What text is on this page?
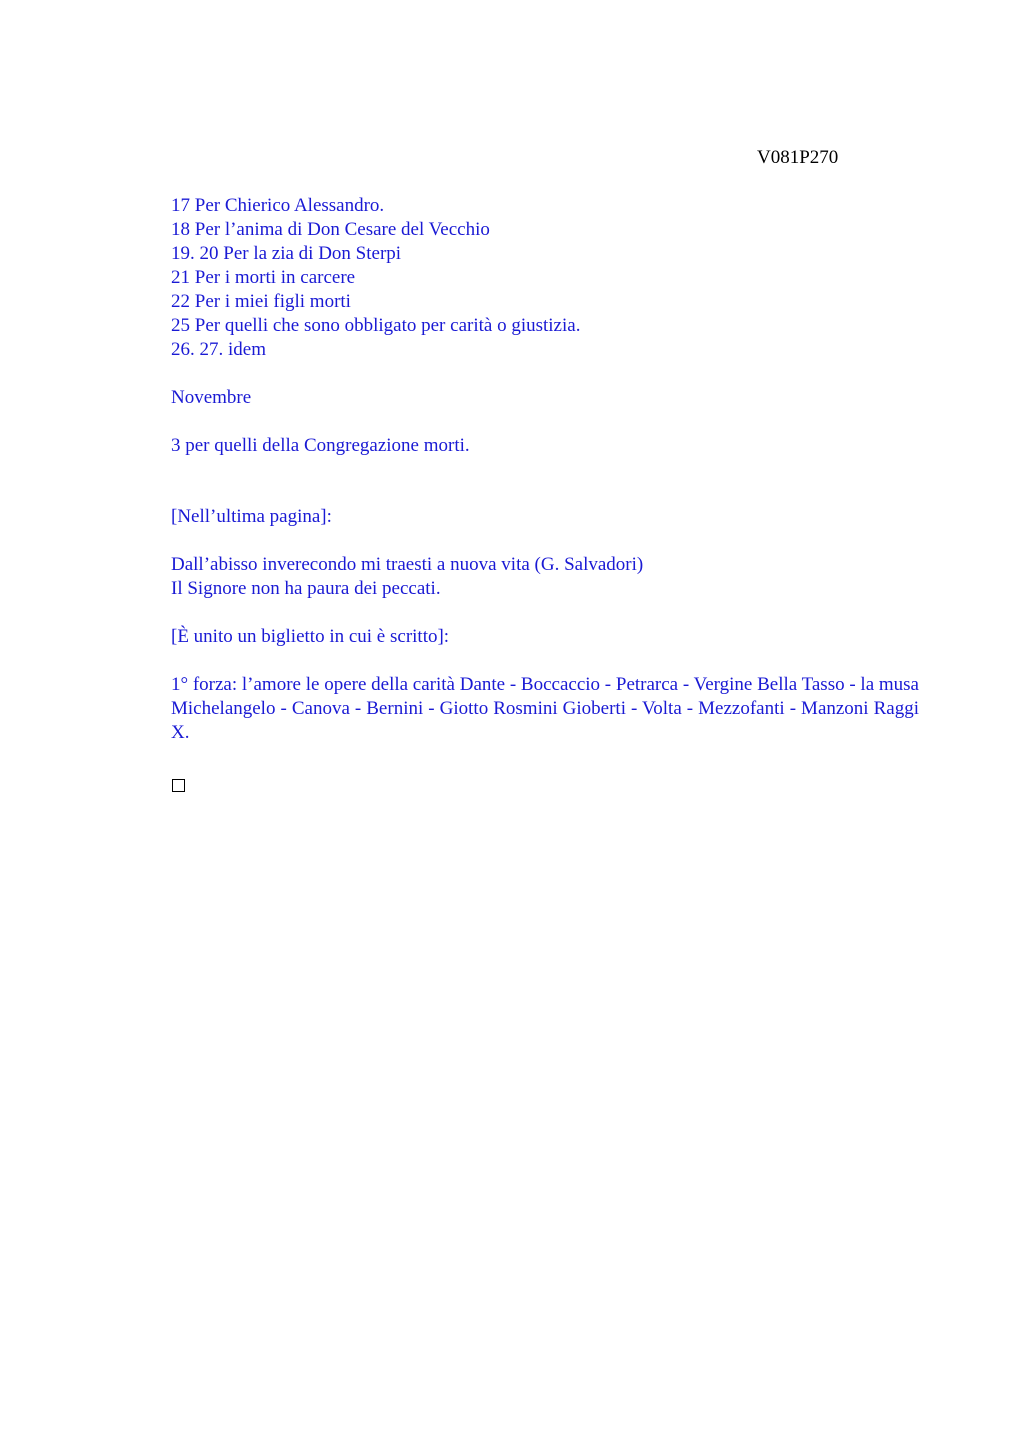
V081P270
17 Per Chierico Alessandro.
18 Per l’anima di Don Cesare del Vecchio
19. 20 Per la zia di Don Sterpi
21 Per i morti in carcere
22 Per i miei figli morti
25 Per quelli che sono obbligato per carità o giustizia.
26. 27. idem
Novembre
3 per quelli della Congregazione morti.
[Nell’ultima pagina]:
Dall’abisso inverecondo mi traesti a nuova vita (G. Salvadori)
Il Signore non ha paura dei peccati.
[È unito un biglietto in cui è scritto]:
1° forza: l’amore le opere della carità Dante - Boccaccio - Petrarca - Vergine Bella Tasso - la musa Michelangelo - Canova - Bernini - Giotto Rosmini Gioberti - Volta - Mezzofanti - Manzoni Raggi X.
